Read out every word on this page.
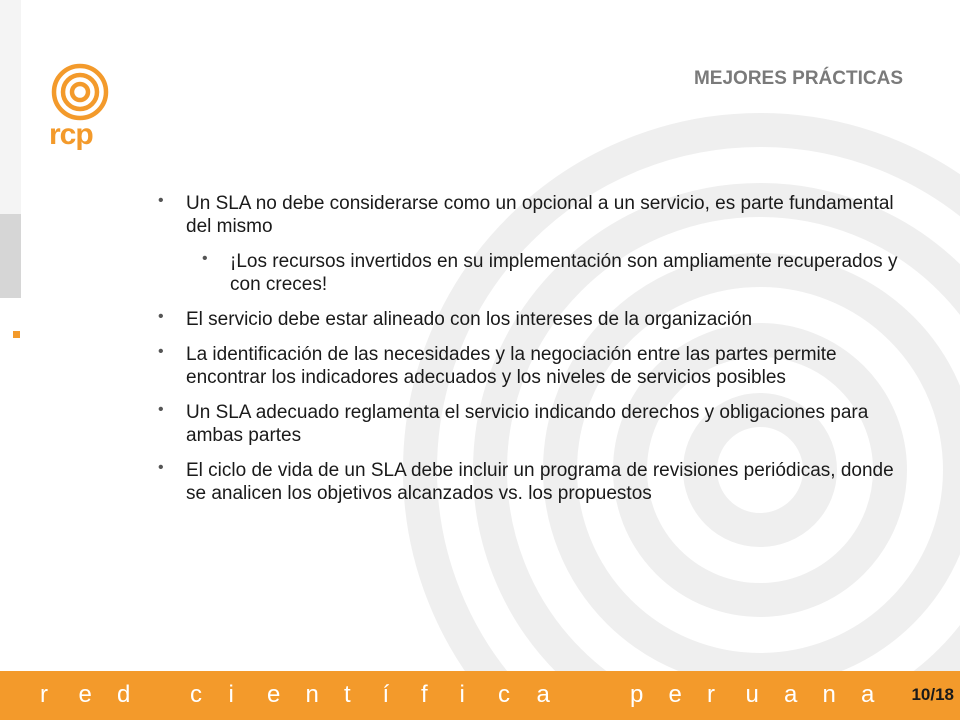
rcp
MEJORES PRÁCTICAS
• Un SLA no debe considerarse como un opcional a un servicio, es parte fundamental del mismo
• ¡Los recursos invertidos en su implementación son ampliamente recuperados y con creces!
• El servicio debe estar alineado con los intereses de la organización
• La identificación de las necesidades y la negociación entre las partes permite encontrar los indicadores adecuados y los niveles de servicios posibles
• Un SLA adecuado reglamenta el servicio indicando derechos y obligaciones para ambas partes
• El ciclo de vida de un SLA debe incluir un programa de revisiones periódicas, donde se analicen los objetivos alcanzados vs. los propuestos
r e d c i e n t í f i c a	p e r u a n a 10/18
